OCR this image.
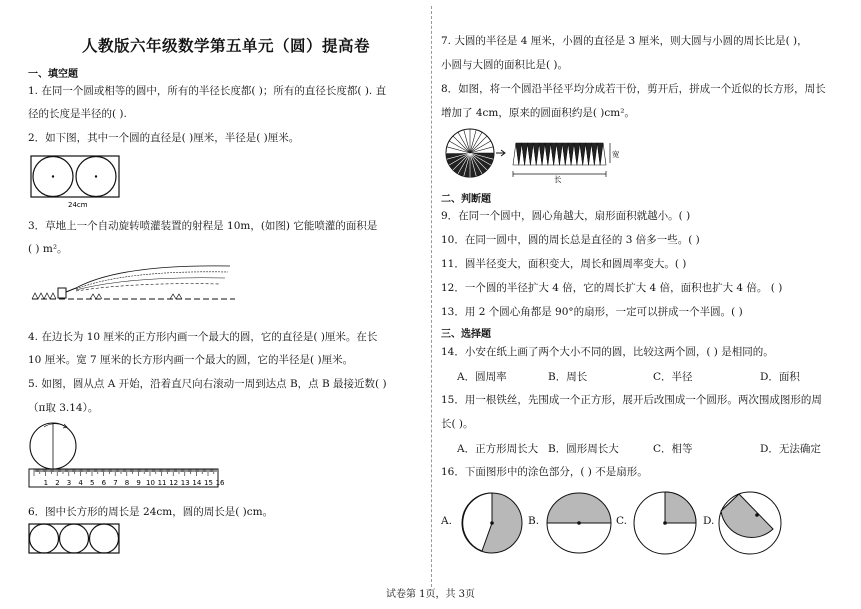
人教版六年级数学第五单元（圆）提高卷
一、填空题
1. 在同一个圆或相等的圆中，所有的半径长度都( )；所有的直径长度都( ). 直
径的长度是半径的( ).
2．如下图，其中一个圆的直径是( )厘米，半径是( )厘米。
24cm
3．草地上一个自动旋转喷灌装置的射程是 10m，(如图) 它能喷灌的面积是
( ) m²。
4. 在边长为 10 厘米的正方形内画一个最大的圆，它的直径是( )厘米。在长
10 厘米。宽 7 厘米的长方形内画一个最大的圆，它的半径是( )厘米。
5. 如图，圆从点 A 开始，沿着直尺向右滚动一周到达点 B，点 B 最接近数( )
（π取 3.14）。
1 2 3 4 5 6 7 8 9 10 11 12 13 14 15 16
6．图中长方形的周长是 24cm，圆的周长是( )cm。
7. 大圆的半径是 4 厘米，小圆的直径是 3 厘米，则大圆与小圆的周长比是( )，
小圆与大圆的面积比是( )。
8．如图，将一个圆沿半径平均分成若干份，剪开后，拼成一个近似的长方形，周长
增加了 4cm，原来的圆面积约是( )cm²。
长
宽
二、判断题
9．在同一个圆中，圆心角越大，扇形面积就越小。( )
10．在同一圆中，圆的周长总是直径的 3 倍多一些。( )
11．圆半径变大，面积变大，周长和圆周率变大。( )
12．一个圆的半径扩大 4 倍，它的周长扩大 4 倍，面积也扩大 4 倍。 ( )
13．用 2 个圆心角都是 90°的扇形，一定可以拼成一个半圆。( )
三、选择题
14．小安在纸上画了两个大小不同的圆，比较这两个圆，( ) 是相同的。
A．圆周率	B．周长	C．半径	D．面积
15．用一根铁丝，先围成一个正方形，展开后改围成一个圆形。两次围成图形的周
长( )。
A．正方形周长大 B．圆形周长大	C．相等	D．无法确定
16．下面图形中的涂色部分，( ) 不是扇形。
A.	B.	C.	D.
试卷第 1页，共 3页
